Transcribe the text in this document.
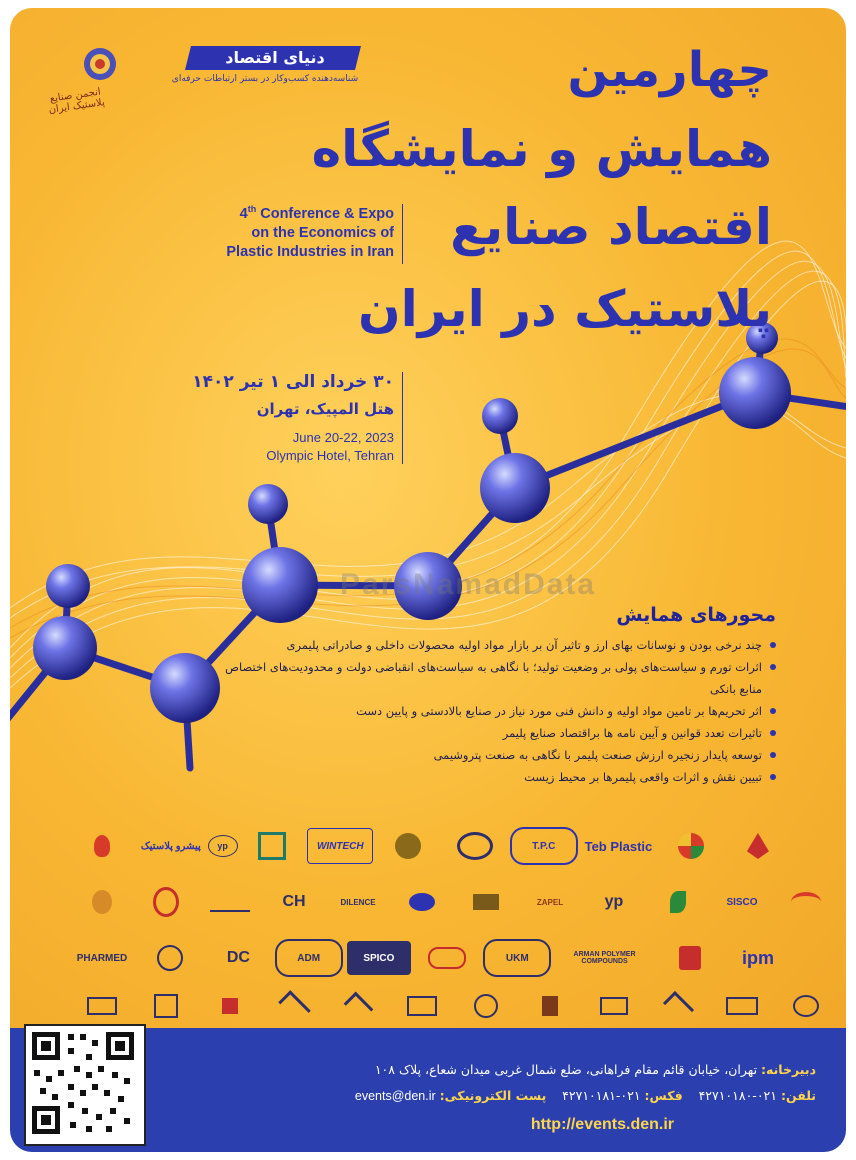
ParsNamadData
انجمن صنایع پلاستیک ایران
دنیای اقتصاد
شناسه‌دهنده کسب‌وکار در بستر ارتباطات حرفه‌ای	چهارمین
همایش و نمایشگاه
اقتصاد صنایع
پلاستیک در ایران
4th Conference & Expo
on the Economics of
Plastic Industries in Iran
۳۰ خرداد الی ۱ تیر ۱۴۰۲
هتل المپیک، تهران
June 20-22, 2023
Olympic Hotel, Tehran
محورهای همایش
چند نرخی بودن و نوسانات بهای ارز و تاثیر آن بر بازار مواد اولیه محصولات داخلی و صادراتی پلیمری
اثرات تورم و سیاست‌های پولی بر وضعیت تولید؛ با نگاهی به سیاست‌های انقباضی دولت و محدودیت‌های اختصاص منابع بانکی
اثر تحریم‌ها بر تامین مواد اولیه و دانش فنی مورد نیاز در صنایع بالادستی و پایین دست
تاثیرات تعدد قوانین و آیین نامه ها براقتصاد صنایع پلیمر
توسعه پایدار زنجیره ارزش صنعت پلیمر با نگاهی به صنعت پتروشیمی
تبیین نقش و اثرات واقعی پلیمرها بر محیط زیست
پیشرو پلاستیک	yp	WINTECH	T.P.C	Teb Plastic
CH	DILENCE	ZAPEL	yp	SISCO
PHARMED	DC	ADM	SPICO	UKM	ARMAN POLYMER COMPOUNDS	ipm
دبیرخانه: تهران، خیابان قائم مقام فراهانی، ضلع شمال غربی میدان شعاع، پلاک ۱۰۸
تلفن: ۰۲۱-۴۲۷۱۰۱۸۰    فکس: ۰۲۱-۴۲۷۱۰۱۸۱    پست الکترونیکی: events@den.ir
http://events.den.ir
